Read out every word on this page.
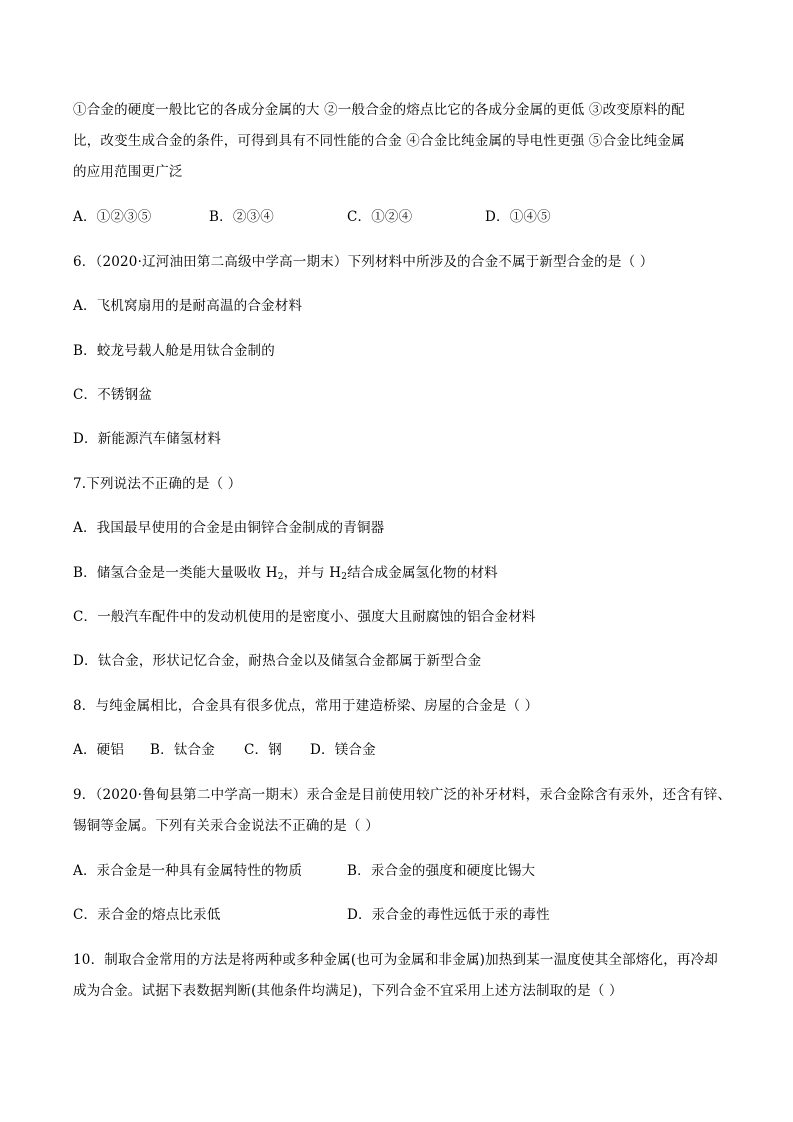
①合金的硬度一般比它的各成分金属的大 ②一般合金的熔点比它的各成分金属的更低 ③改变原料的配
比，改变生成合金的条件，可得到具有不同性能的合金 ④合金比纯金属的导电性更强 ⑤合金比纯金属
的应用范围更广泛
A．①②③⑤	B．②③④	C．①②④	D．①④⑤
6．（2020·辽河油田第二高级中学高一期末）下列材料中所涉及的合金不属于新型合金的是（ ）
A．飞机窝扇用的是耐高温的合金材料
B．蛟龙号载人舱是用钛合金制的
C．不锈钢盆
D．新能源汽车储氢材料
7.下列说法不正确的是（ ）
A．我国最早使用的合金是由铜锌合金制成的青铜器
B．储氢合金是一类能大量吸收 $H_2$，并与 $H_2$结合成金属氢化物的材料
C．一般汽车配件中的发动机使用的是密度小、强度大且耐腐蚀的铝合金材料
D．钛合金，形状记忆合金，耐热合金以及储氢合金都属于新型合金
8．与纯金属相比，合金具有很多优点，常用于建造桥梁、房屋的合金是（ ）
A．硬铝 B．钛合金 C．钢 D．镁合金
9．（2020·鲁甸县第二中学高一期末）汞合金是目前使用较广泛的补牙材料，汞合金除含有汞外，还含有锌、
锡铜等金属。下列有关汞合金说法不正确的是（ ）
A．汞合金是一种具有金属特性的物质	B．汞合金的强度和硬度比锡大
C．汞合金的熔点比汞低	D．汞合金的毒性远低于汞的毒性
10．制取合金常用的方法是将两种或多种金属(也可为金属和非金属)加热到某一温度使其全部熔化，再冷却
成为合金。试据下表数据判断(其他条件均满足)，下列合金不宜采用上述方法制取的是（ ）
